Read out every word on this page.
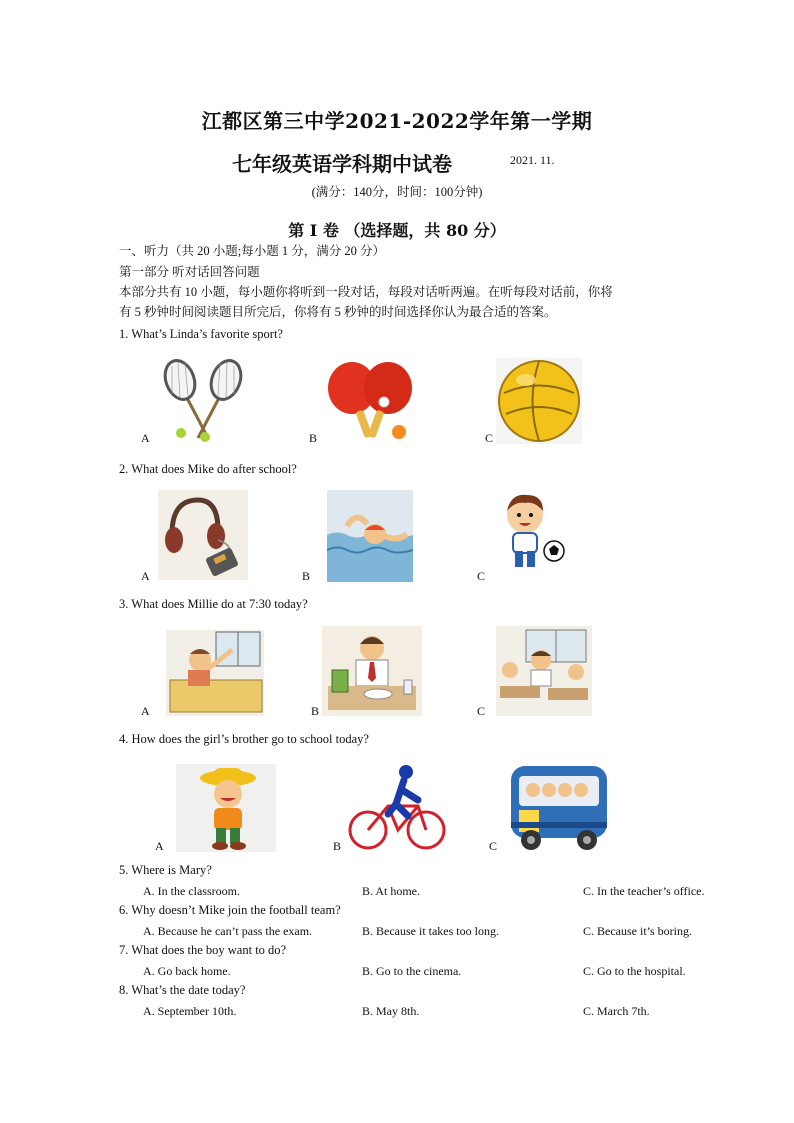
江都区第三中学2021-2022学年第一学期
七年级英语学科期中试卷	2021. 11.
(满分：140分，时间：100分钟)
第 I 卷 （选择题，共 80 分）
一、听力（共 20 小题;每小题 1 分，满分 20 分）
第一部分 听对话回答问题
本部分共有 10 小题，每小题你将听到一段对话，每段对话听两遍。在听每段对话前，你将
有 5 秒钟时间阅读题目所完后，你将有 5 秒钟的时间选择你认为最合适的答案。
1. What’s Linda’s favorite sport?
A	B	C
2. What does Mike do after school?
A	B	C
3. What does Millie do at 7:30 today?
A	B	C
4. How does the girl’s brother go to school today?
A	B	C
5. Where is Mary?
A. In the classroom.	B. At home.	C. In the teacher’s office.
6. Why doesn’t Mike join the football team?
A. Because he can’t pass the exam.	B. Because it takes too long.	C. Because it’s boring.
7. What does the boy want to do?
A. Go back home.	B. Go to the cinema.	C. Go to the hospital.
8. What’s the date today?
A. September 10th.	B. May 8th.	C. March 7th.
